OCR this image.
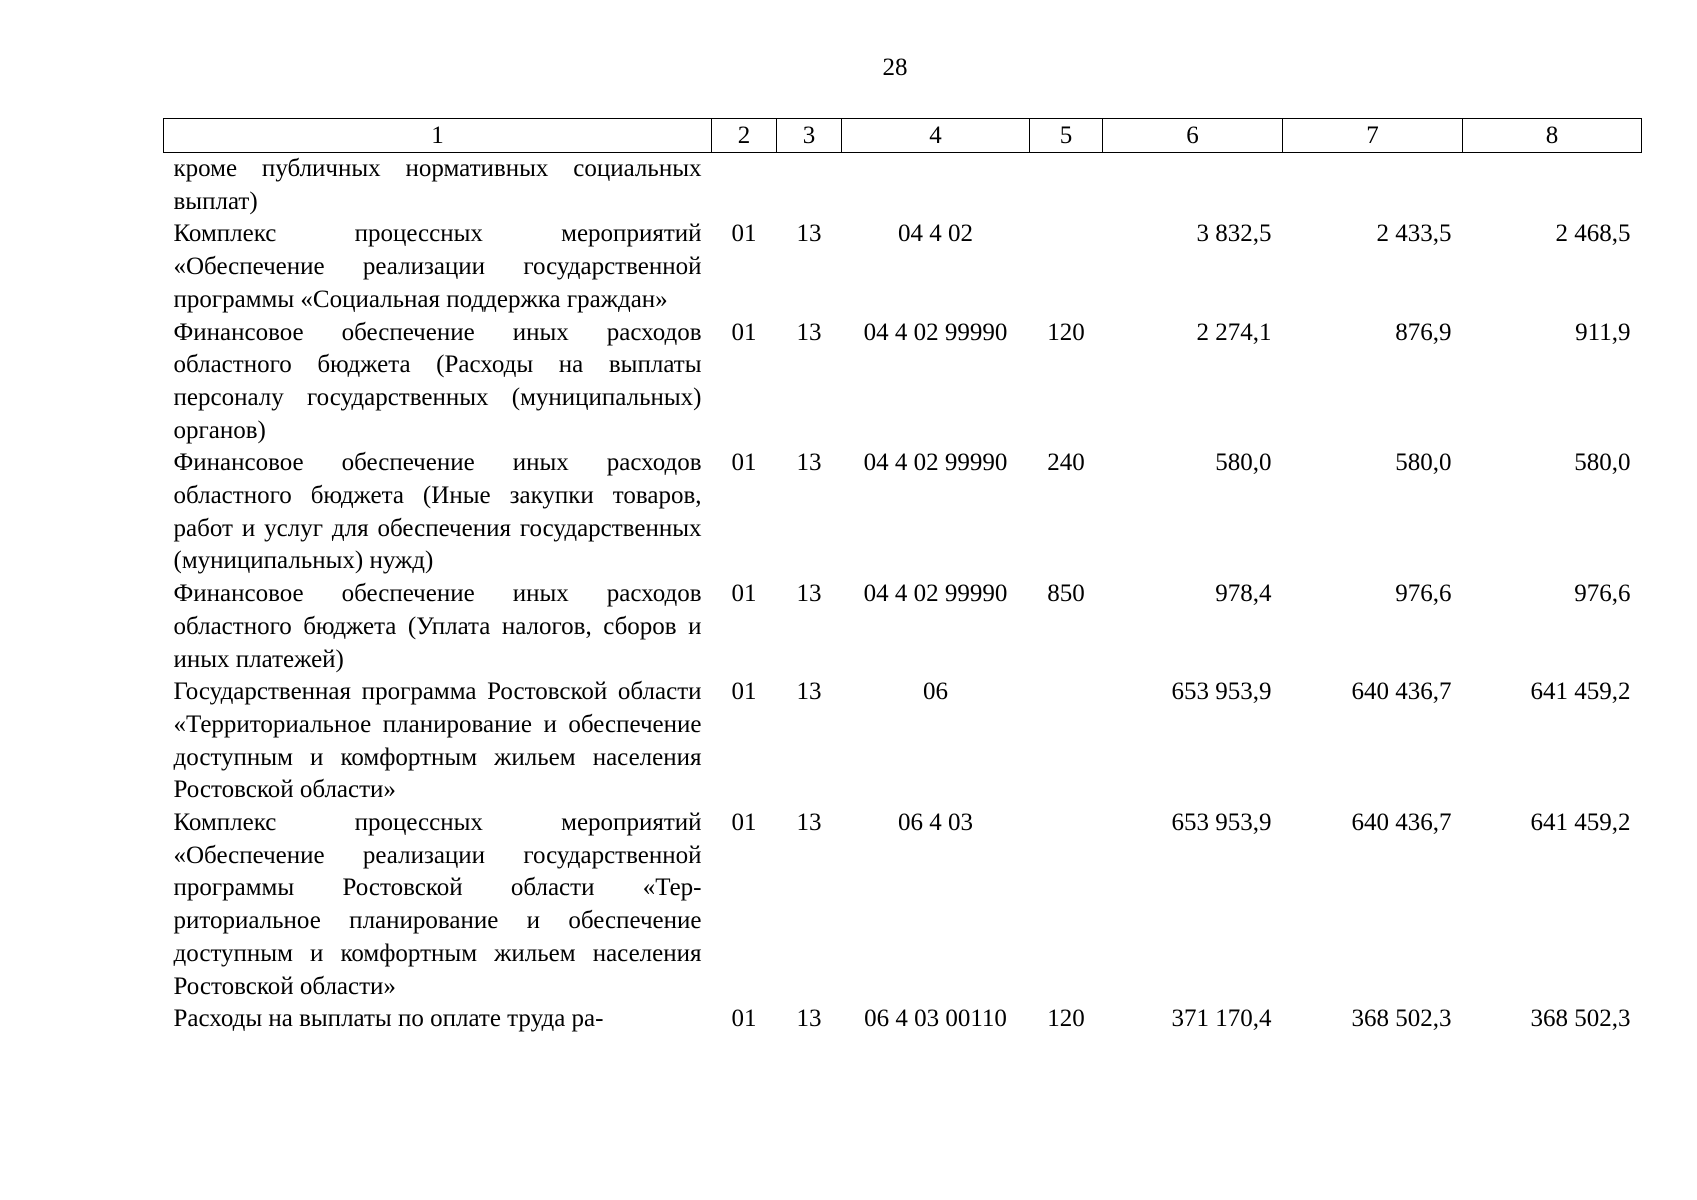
28
1	2	3	4	5	6	7	8
кроме публичных нормативных социальных выплат)							
Комплекс процессных мероприятий «Обеспечение реализации государственной программы «Социальная поддержка граждан»	01	13	04 4 02		3 832,5	2 433,5	2 468,5
Финансовое обеспечение иных расходов областного бюджета (Расходы на выплаты персоналу государственных (муниципальных) органов)	01	13	04 4 02 99990	120	2 274,1	876,9	911,9
Финансовое обеспечение иных расходов областного бюджета (Иные закупки товаров, работ и услуг для обеспечения государственных (муниципальных) нужд)	01	13	04 4 02 99990	240	580,0	580,0	580,0
Финансовое обеспечение иных расходов областного бюджета (Уплата налогов, сборов и иных платежей)	01	13	04 4 02 99990	850	978,4	976,6	976,6
Государственная программа Ростовской области «Территориальное планирование и обеспечение доступным и комфортным жильем населения Ростовской области»	01	13	06		653 953,9	640 436,7	641 459,2
Комплекс процессных мероприятий «Обеспечение реализации государственной программы Ростовской области «Территориальное планирование и обеспечение доступным и комфортным жильем населения Ростовской области»	01	13	06 4 03		653 953,9	640 436,7	641 459,2
Расходы на выплаты по оплате труда ра-	01	13	06 4 03 00110	120	371 170,4	368 502,3	368 502,3
